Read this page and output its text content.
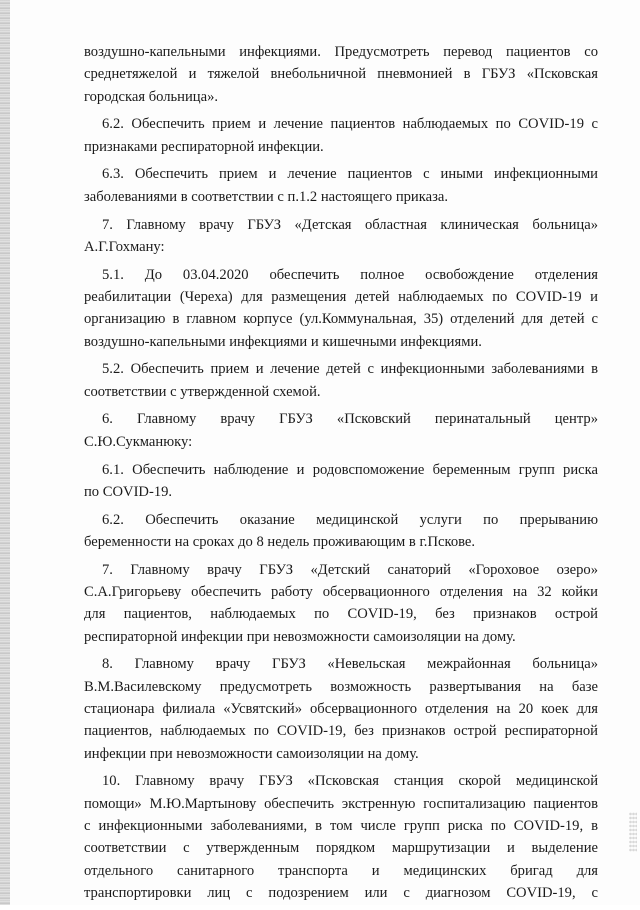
воздушно-капельными инфекциями. Предусмотреть перевод пациентов со
среднетяжелой и тяжелой внебольничной пневмонией в ГБУЗ «Псковская
городская больница».

6.2. Обеспечить прием и лечение пациентов наблюдаемых по COVID-19 с
признаками респираторной инфекции.

6.3. Обеспечить прием и лечение пациентов с иными инфекционными
заболеваниями в соответствии с п.1.2 настоящего приказа.

7. Главному врачу ГБУЗ «Детская областная клиническая больница»
А.Г.Гохману:

5.1. До 03.04.2020 обеспечить полное освобождение отделения
реабилитации (Череха) для размещения детей наблюдаемых по COVID-19 и
организацию в главном корпусе (ул.Коммунальная, 35) отделений для детей с
воздушно-капельными инфекциями и кишечными инфекциями.

5.2. Обеспечить прием и лечение детей с инфекционными заболеваниями в
соответствии с утвержденной схемой.

6. Главному врачу ГБУЗ «Псковский перинатальный центр»
С.Ю.Сукманюку:

6.1. Обеспечить наблюдение и родовспоможение беременным групп риска
по COVID-19.

6.2. Обеспечить оказание медицинской услуги по прерыванию
беременности на сроках до 8 недель проживающим в г.Пскове.

7. Главному врачу ГБУЗ «Детский санаторий «Гороховое озеро»
С.А.Григорьеву обеспечить работу обсервационного отделения на 32 койки
для пациентов, наблюдаемых по COVID-19, без признаков острой
респираторной инфекции при невозможности самоизоляции на дому.

8. Главному врачу ГБУЗ «Невельская межрайонная больница»
В.М.Василевскому предусмотреть возможность развертывания на базе
стационара филиала «Усвятский» обсервационного отделения на 20 коек для
пациентов, наблюдаемых по COVID-19, без признаков острой респираторной
инфекции при невозможности самоизоляции на дому.

10. Главному врачу ГБУЗ «Псковская станция скорой медицинской
помощи» М.Ю.Мартынову обеспечить экстренную госпитализацию пациентов
с инфекционными заболеваниями, в том числе групп риска по COVID-19, в
соответствии с утвержденным порядком маршрутизации и выделение
отдельного санитарного транспорта и медицинских бригад для
транспортировки лиц с подозрением или с диагнозом COVID-19, с
